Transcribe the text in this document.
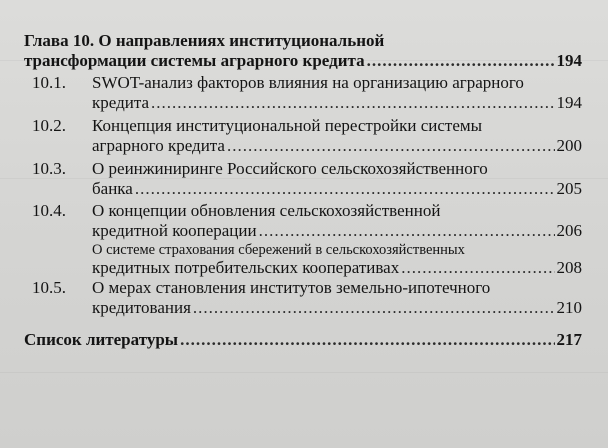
Глава 10. О направлениях институциональной
трансформации системы аграрного кредита .....	194
10.1. SWOT-анализ факторов влияния на организацию аграрного
кредита .....	194
10.2. Концепция институциональной перестройки системы
аграрного кредита .....	200
10.3. О реинжиниринге Российского сельскохозяйственного
банка .....	205
10.4. О концепции обновления сельскохозяйственной
кредитной кооперации .....	206
О системе страхования сбережений в сельскохозяйственных
кредитных потребительских кооперативах .....	208
10.5. О мерах становления институтов земельно-ипотечного
кредитования .....	210
Список литературы .....	217
